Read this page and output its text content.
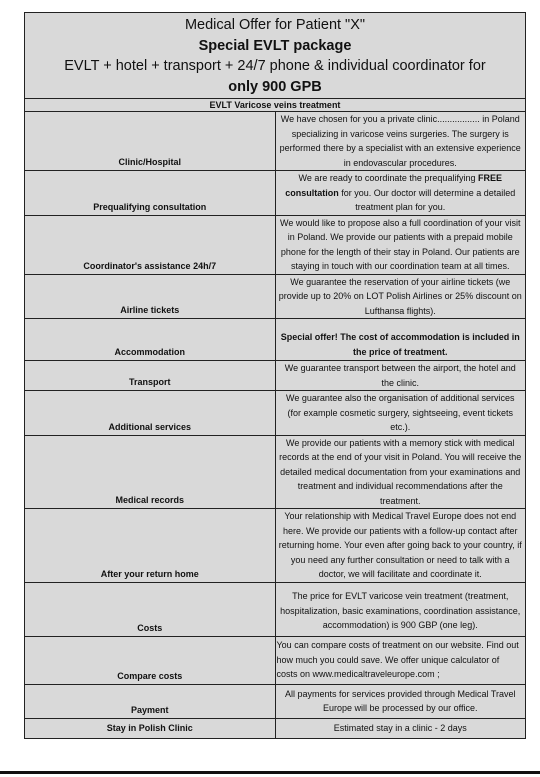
Medical Offer for Patient "X"
Special EVLT package
EVLT + hotel + transport + 24/7 phone & individual coordinator for
only 900 GPB	

EVLT Varicose veins treatment	
Clinic/Hospital	We have chosen for you a private clinic................. in Poland specializing in varicose veins surgeries. The surgery is performed there by a specialist with an extensive experience in endovascular procedures.
Prequalifying consultation	We are ready to coordinate the prequalifying FREE consultation for you. Our doctor will determine a detailed treatment plan for you.
Coordinator's assistance 24h/7	We would like to propose also a full coordination of your visit in Poland. We provide our patients with a prepaid mobile phone for the length of their stay in Poland. Our patients are staying in touch with our coordination team at all times.
Airline tickets	We guarantee the reservation of your airline tickets (we provide up to 20% on LOT Polish Airlines or 25% discount on Lufthansa flights).
Accommodation	Special offer! The cost of accommodation is included in the price of treatment.
Transport	We guarantee transport between the airport, the hotel and the clinic.
Additional services	We guarantee also the organisation of additional services (for example cosmetic surgery, sightseeing, event tickets etc.).
Medical records	We provide our patients with a memory stick with medical records at the end of your visit in Poland. You will receive the detailed medical documentation from your examinations and treatment and individual recommendations after the treatment.
After your return home	Your relationship with Medical Travel Europe does not end here. We provide our patients with a follow-up contact after returning home. Your even after going back to your country, if you need any further consultation or need to talk with a doctor, we will facilitate and coordinate it.
Costs	The price for EVLT varicose vein treatment (treatment, hospitalization, basic examinations, coordination assistance, accommodation) is 900 GBP (one leg).
Compare costs	You can compare costs of treatment on our website. Find out how much you could save. We offer unique calculator of costs on www.medicaltraveleurope.com ;
Payment	All payments for services provided through Medical Travel Europe will be processed by our office.
Stay in Polish Clinic	Estimated stay in a clinic - 2 days
